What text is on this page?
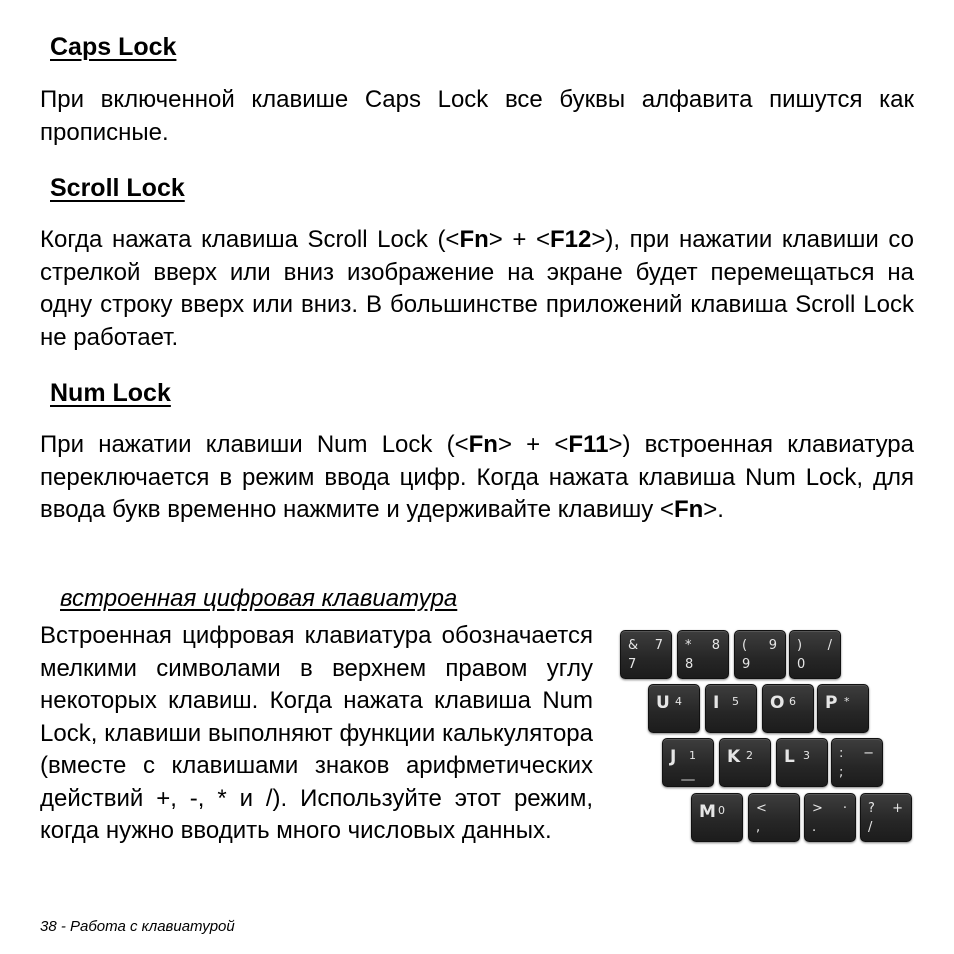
Caps Lock

При включенной клавише Caps Lock все буквы алфавита пишутся как прописные.

Scroll Lock

Когда нажата клавиша Scroll Lock (<Fn> + <F12>), при нажатии клавиши со стрелкой вверх или вниз изображение на экране будет перемещаться на одну строку вверх или вниз. В большинстве приложений клавиша Scroll Lock не работает.

Num Lock

При нажатии клавиши Num Lock (<Fn> + <F11>) встроенная клавиатура переключается в режим ввода цифр. Когда нажата клавиша Num Lock, для ввода букв временно нажмите и удерживайте клавишу <Fn>.

встроенная цифровая клавиатура

Встроенная цифровая клавиатура обозначается мелкими символами в верхнем правом углу некоторых клавиш. Когда нажата клавиша Num Lock, клавиши выполняют функции калькулятора (вместе с клавишами знаков арифметических действий +, -, * и /). Используйте этот режим, когда нужно вводить много числовых данных.

& 7
7
* 8
8
( 9
9
) /
0
U 4 I 5 O 6 P *
J 1 K 2 L 3 : −
;
M 0 <
,
> ·
.
? +
/

38 - Работа с клавиатурой
